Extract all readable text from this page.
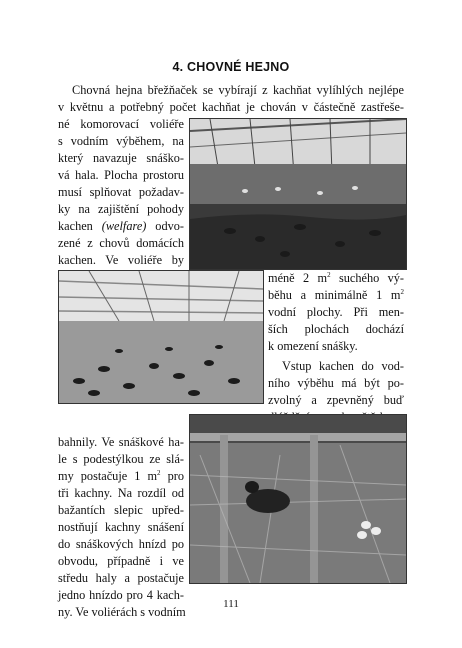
4. CHOVNÉ HEJNO
Chovná hejna břežňaček se vybírají z kachňat vylíhlých nejlépe
v květnu a potřebný počet kachňat je chován v částečně zastřeše-
né komorovací voliéře
s vodním výběhem, na
který navazuje snáško-
vá hala. Plocha prostoru
musí splňovat požadav-
ky na zajištění pohody
kachen (welfare) odvo-
zené z chovů domácích
kachen. Ve voliéře by
méně 2 $m^2$ suchého vý-
běhu a minimálně 1 $m^2$
vodní plochy. Při men-
ších plochách dochází
k omezení snášky.
Vstup kachen do vod-
ního výběhu má být po-
zvolný a zpevněný buď
bahnily. Ve snáškové ha-
le s podestýlkou ze slá-
my postačuje 1 $m^2$ pro
tři kachny. Na rozdíl od
bažantích slepic upřed-
nostňují kachny snášení
do snáškových hnízd po
obvodu, případně i ve
středu haly a postačuje
jedno hnízdo pro 4 kach-
ny. Ve voliérách s vodním
111
